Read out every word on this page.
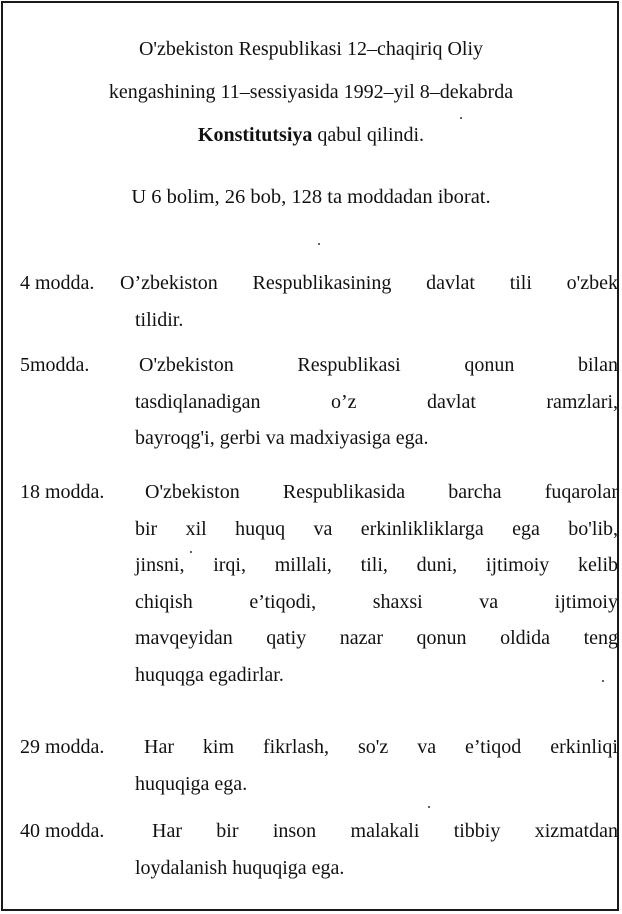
O'zbekiston Respublikasi 12–chaqiriq Oliy
kengashining 11–sessiyasida 1992–yil 8–dekabrda
Konstitutsiya qabul qilindi.
U 6 bolim, 26 bob, 128 ta moddadan iborat.
4 modda. O’zbekiston Respublikasining davlat tili o'zbek
tilidir.
5modda. O'zbekiston Respublikasi qonun bilan
tasdiqlanadigan o’z davlat ramzlari,
bayroqg'i, gerbi va madxiyasiga ega.
18 modda. O'zbekiston Respublikasida barcha fuqarolar
bir xil huquq va erkinlikliklarga ega bo'lib,
jinsni, irqi, millali, tili, duni, ijtimoiy kelib
chiqish e’tiqodi, shaxsi va ijtimoiy
mavqeyidan qatiy nazar qonun oldida teng
huquqga egadirlar.
29 modda. Har kim fikrlash, so'z va e’tiqod erkinliqi
huquqiga ega.
40 modda. Har bir inson malakali tibbiy xizmatdan
loydalanish huquqiga ega.
